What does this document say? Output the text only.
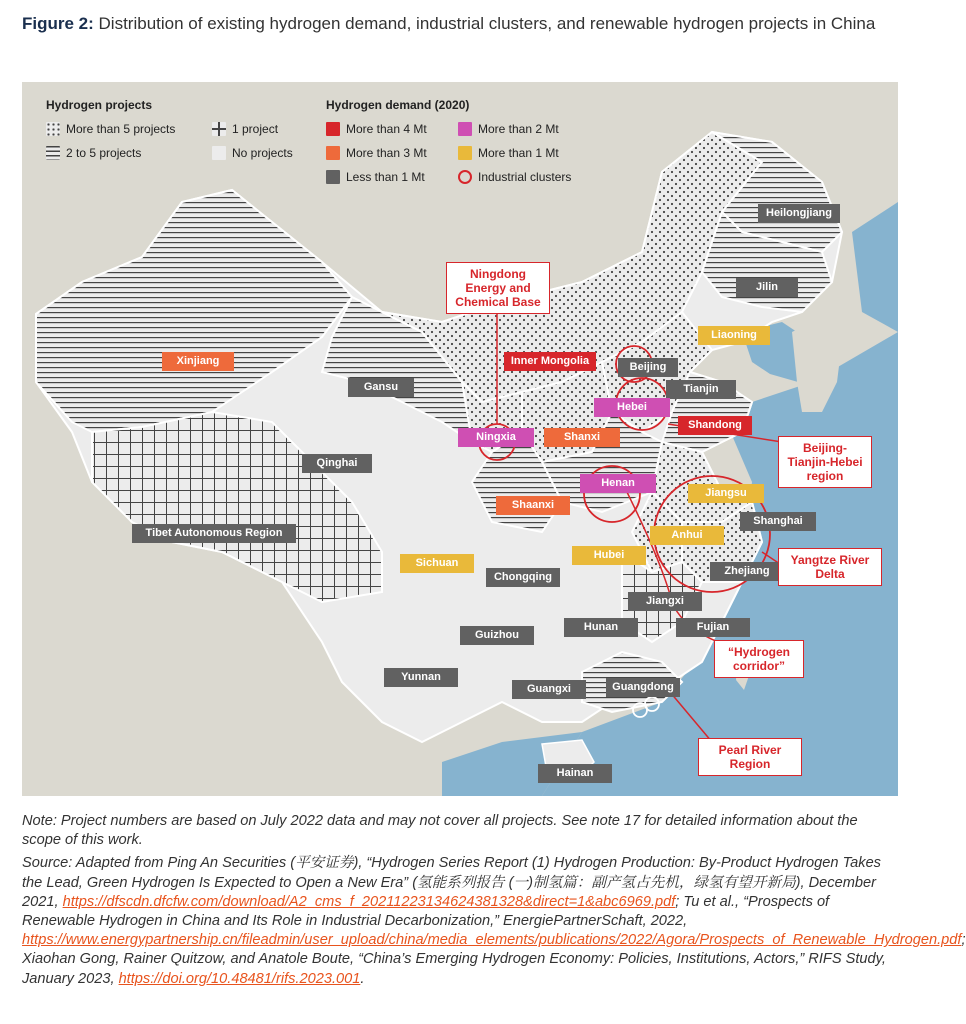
Figure 2: Distribution of existing hydrogen demand, industrial clusters, and renewable hydrogen projects in China
Hydrogen projects
More than 5 projects	1 project
2 to 5 projects	No projects
Hydrogen demand (2020)
More than 4 Mt	More than 2 Mt
More than 3 Mt	More than 1 Mt
Less than 1 Mt	Industrial clusters
Heilongjiang
Jilin
Liaoning
Xinjiang	Inner Mongolia	Beijing
Gansu	Tianjin
Hebei
Shandong
Qinghai
Ningxia	Shanxi
Henan
Jiangsu
Shaanxi
Tibet Autonomous Region
Shanghai
Anhui
Sichuan
Hubei
Chongqing	Zhejiang
Jiangxi
Hunan	Fujian
Guizhou
Yunnan
Guangxi	Guangdong
Hainan
Ningdong Energy and Chemical Base
Beijing-Tianjin-Hebei region
Yangtze River Delta
“Hydrogen corridor”
Pearl River Region

Note: Project numbers are based on July 2022 data and may not cover all projects. See note 17 for detailed information about the scope of this work.

Source: Adapted from Ping An Securities (平安证券), “Hydrogen Series Report (1) Hydrogen Production: By-Product Hydrogen Takes the Lead, Green Hydrogen Is Expected to Open a New Era” (氢能系列报告 (一)制氢篇：副产氢占先机，绿氢有望开新局), December 2021, https://dfscdn.dfcfw.com/download/A2_cms_f_20211223134624381328&direct=1&abc6969.pdf; Tu et al., “Prospects of Renewable Hydrogen in China and Its Role in Industrial Decarbonization,” EnergiePartnerSchaft, 2022, https://www.energypartnership.cn/fileadmin/user_upload/china/media_elements/publications/2022/Agora/Prospects_of_Renewable_Hydrogen.pdf; Xiaohan Gong, Rainer Quitzow, and Anatole Boute, “China’s Emerging Hydrogen Economy: Policies, Institutions, Actors,” RIFS Study, January 2023, https://doi.org/10.48481/rifs.2023.001.
